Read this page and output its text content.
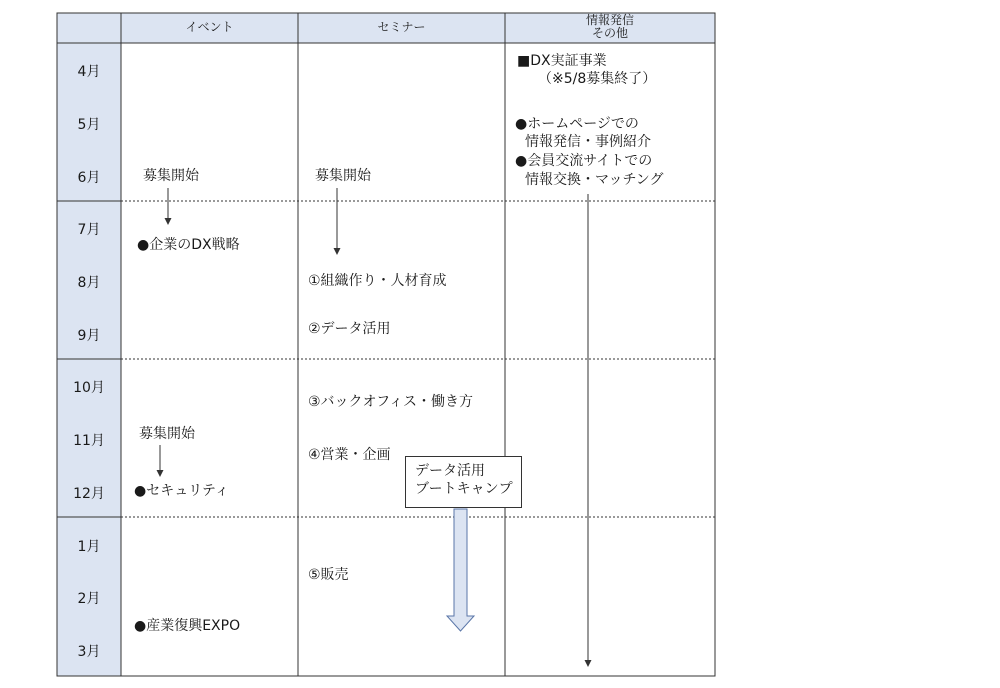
イベント	セミナー	情報発信
その他
4月
5月
6月
7月
8月
9月
10月
11月
12月
1月
2月
3月
募集開始
●企業のDX戦略
募集開始
●セキュリティ
●産業復興EXPO
募集開始
①組織作り・人材育成
②データ活用
③バックオフィス・働き方
④営業・企画
⑤販売
データ活用
ブートキャンプ
■DX実証事業
（※5/8募集終了）
●ホームページでの
情報発信・事例紹介
●会員交流サイトでの
情報交換・マッチング
